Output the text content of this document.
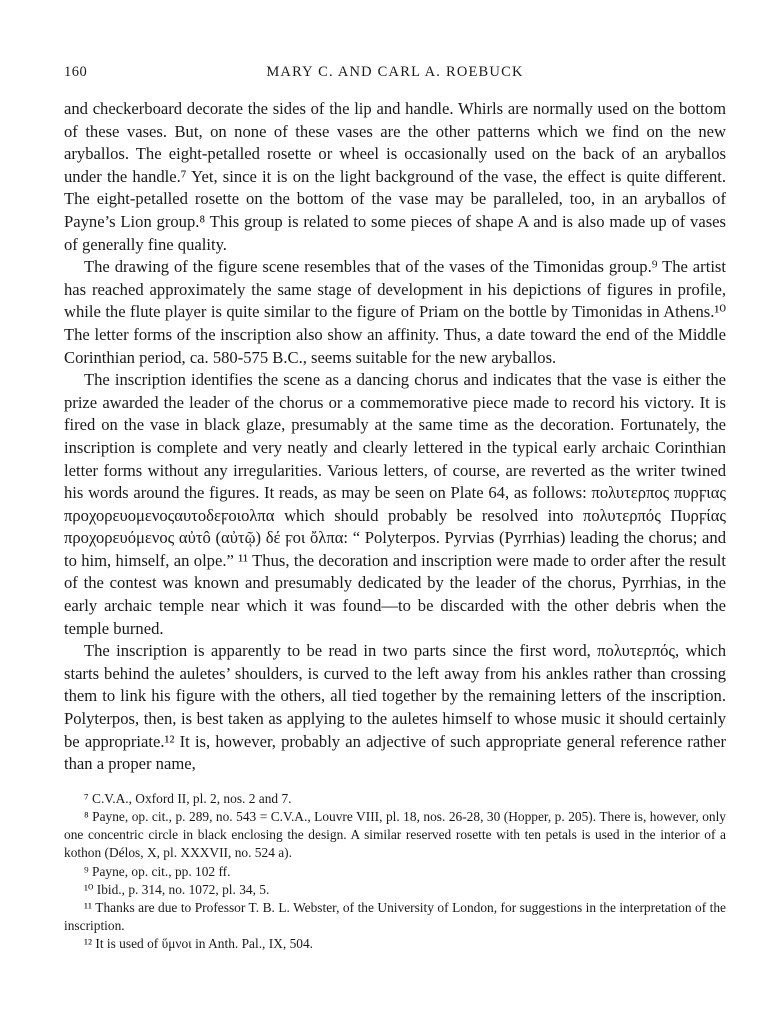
160	MARY C. AND CARL A. ROEBUCK

and checkerboard decorate the sides of the lip and handle. Whirls are normally used on the bottom of these vases. But, on none of these vases are the other patterns which we find on the new aryballos. The eight-petalled rosette or wheel is occasionally used on the back of an aryballos under the handle.⁷ Yet, since it is on the light background of the vase, the effect is quite different. The eight-petalled rosette on the bottom of the vase may be paralleled, too, in an aryballos of Payne’s Lion group.⁸ This group is related to some pieces of shape A and is also made up of vases of generally fine quality.

The drawing of the figure scene resembles that of the vases of the Timonidas group.⁹ The artist has reached approximately the same stage of development in his depictions of figures in profile, while the flute player is quite similar to the figure of Priam on the bottle by Timonidas in Athens.¹⁰ The letter forms of the inscription also show an affinity. Thus, a date toward the end of the Middle Corinthian period, ca. 580-575 B.C., seems suitable for the new aryballos.

The inscription identifies the scene as a dancing chorus and indicates that the vase is either the prize awarded the leader of the chorus or a commemorative piece made to record his victory. It is fired on the vase in black glaze, presumably at the same time as the decoration. Fortunately, the inscription is complete and very neatly and clearly lettered in the typical early archaic Corinthian letter forms without any irregularities. Various letters, of course, are reverted as the writer twined his words around the figures. It reads, as may be seen on Plate 64, as follows: πολυτερπος πυρϝιας προχορευομενοςαυτοδεϝοιολπα which should probably be resolved into πολυτερπός Πυρϝίας προχορευόμενος αὐτô (αὐτῷ) δέ ϝοι ὄλπα: “ Polyterpos. Pyrvias (Pyrrhias) leading the chorus; and to him, himself, an olpe.” ¹¹ Thus, the decoration and inscription were made to order after the result of the contest was known and presumably dedicated by the leader of the chorus, Pyrrhias, in the early archaic temple near which it was found—to be discarded with the other debris when the temple burned.

The inscription is apparently to be read in two parts since the first word, πολυτερπός, which starts behind the auletes’ shoulders, is curved to the left away from his ankles rather than crossing them to link his figure with the others, all tied together by the remaining letters of the inscription. Polyterpos, then, is best taken as applying to the auletes himself to whose music it should certainly be appropriate.¹² It is, however, probably an adjective of such appropriate general reference rather than a proper name,

⁷ C.V.A., Oxford II, pl. 2, nos. 2 and 7.

⁸ Payne, op. cit., p. 289, no. 543 = C.V.A., Louvre VIII, pl. 18, nos. 26-28, 30 (Hopper, p. 205). There is, however, only one concentric circle in black enclosing the design. A similar reserved rosette with ten petals is used in the interior of a kothon (Délos, X, pl. XXXVII, no. 524 a).

⁹ Payne, op. cit., pp. 102 ff.

¹⁰ Ibid., p. 314, no. 1072, pl. 34, 5.

¹¹ Thanks are due to Professor T. B. L. Webster, of the University of London, for suggestions in the interpretation of the inscription.

¹² It is used of ὕμνοι in Anth. Pal., IX, 504.
